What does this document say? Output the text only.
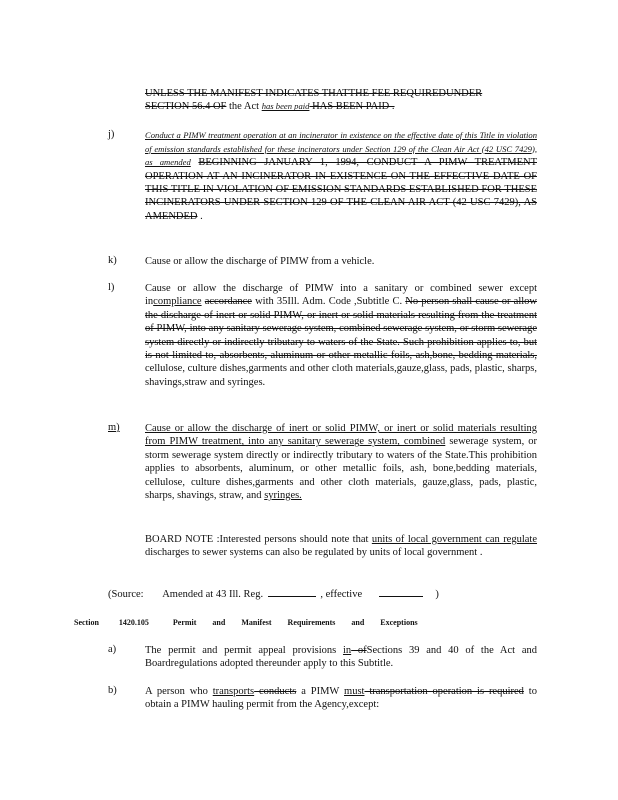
UNLESS THE MANIFEST INDICATES THATTHE FEE REQUIREDUNDER
SECTION 56.4 OF the Act has been paid HAS BEEN PAID .
j)	Conduct a PIMW treatment operation at an incinerator in existence on the effective date of this Title in violation of emission standards established for these incinerators under Section 129 of the Clean Air Act (42 USC 7429), as amended BEGINNING JANUARY 1, 1994, CONDUCT A PIMW TREATMENT OPERATION AT AN INCINERATOR IN EXISTENCE ON THE EFFECTIVE DATE OF THIS TITLE IN VIOLATION OF EMISSION STANDARDS ESTABLISHED FOR THESE INCINERATORS UNDER SECTION 129 OF THE CLEAN AIR ACT (42 USC 7429), AS AMENDED .
k)	Cause or allow the discharge of PIMW from a vehicle.
l)	Cause or allow the discharge of PIMW into a sanitary or combined sewer except incompliance accordance with 35Ill. Adm. Code ,Subtitle C. No person shall cause or allow the discharge of inert or solid PIMW, or inert or solid materials resulting from the treatment of PIMW, into any sanitary sewerage system, combined sewerage system, or storm sewerage system directly or indirectly tributary to waters of the State. Such prohibition applies to, but is not limited to, absorbents, aluminum or other metallic foils, ash,bone, bedding materials, cellulose, culture dishes,garments and other cloth materials,gauze,glass, pads, plastic, sharps, shavings,straw and syringes.
m) Cause or allow the discharge of inert or solid PIMW, or inert or solid materials resulting from PIMW treatment, into any sanitary sewerage system, combined sewerage system, or storm sewerage system directly or indirectly tributary to waters of the State.This prohibition applies to absorbents, aluminum, or other metallic foils, ash, bone,bedding materials, cellulose, culture dishes,garments and other cloth materials, gauze,glass, pads, plastic, sharps, shavings, straw, and syringes.
BOARD NOTE :Interested persons should note that units of local government can regulate discharges to sewer systems can also be regulated by units of local government .
(Source: Amended at 43 Ill. Reg.	, effective	)
Section	1420.105	Permit and Manifest Requirements and Exceptions
a)	The permit and permit appeal provisions in ofSections 39 and 40 of the Act and Boardregulations adopted thereunder apply to this Subtitle.
b)	A person who transports conducts a PIMW must transportation operation is required to obtain a PIMW hauling permit from the Agency,except:
